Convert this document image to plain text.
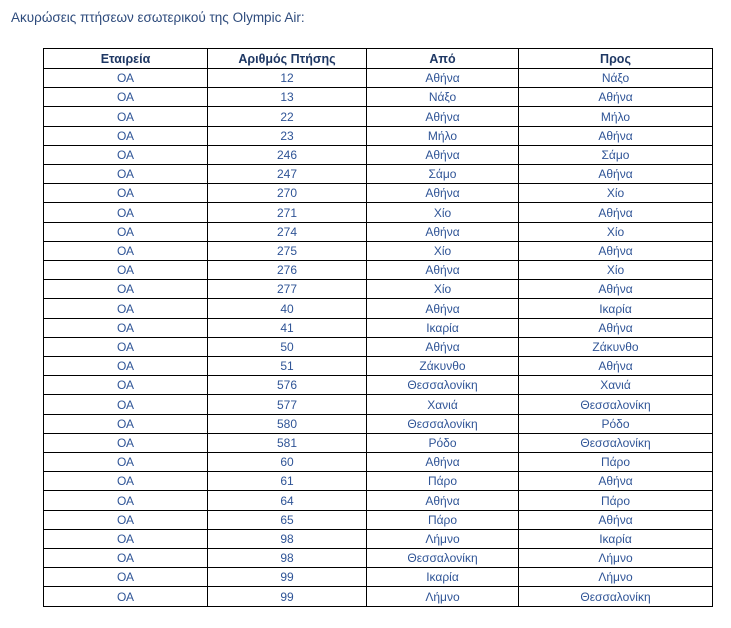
Ακυρώσεις πτήσεων εσωτερικού της Olympic Air:
Εταιρεία	Αριθμός Πτήσης	Από	Προς
ΟΑ	12	Αθήνα	Νάξο
ΟΑ	13	Νάξο	Αθήνα
ΟΑ	22	Αθήνα	Μήλο
ΟΑ	23	Μήλο	Αθήνα
ΟΑ	246	Αθήνα	Σάμο
ΟΑ	247	Σάμο	Αθήνα
ΟΑ	270	Αθήνα	Χίο
ΟΑ	271	Χίο	Αθήνα
ΟΑ	274	Αθήνα	Χίο
ΟΑ	275	Χίο	Αθήνα
ΟΑ	276	Αθήνα	Χίο
ΟΑ	277	Χίο	Αθήνα
ΟΑ	40	Αθήνα	Ικαρία
ΟΑ	41	Ικαρία	Αθήνα
ΟΑ	50	Αθήνα	Ζάκυνθο
ΟΑ	51	Ζάκυνθο	Αθήνα
ΟΑ	576	Θεσσαλονίκη	Χανιά
ΟΑ	577	Χανιά	Θεσσαλονίκη
ΟΑ	580	Θεσσαλονίκη	Ρόδο
ΟΑ	581	Ρόδο	Θεσσαλονίκη
ΟΑ	60	Αθήνα	Πάρο
ΟΑ	61	Πάρο	Αθήνα
ΟΑ	64	Αθήνα	Πάρο
ΟΑ	65	Πάρο	Αθήνα
ΟΑ	98	Λήμνο	Ικαρία
ΟΑ	98	Θεσσαλονίκη	Λήμνο
ΟΑ	99	Ικαρία	Λήμνο
ΟΑ	99	Λήμνο	Θεσσαλονίκη
